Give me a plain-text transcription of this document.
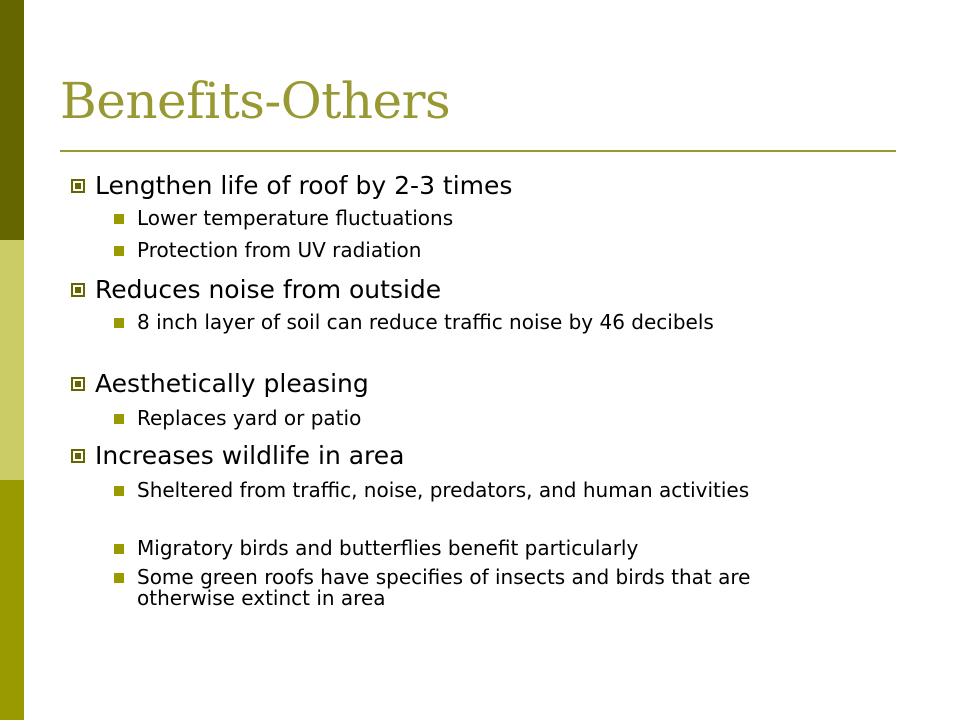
Benefits-Others
Lengthen life of roof by 2-3 times
Lower temperature fluctuations
Protection from UV radiation
Reduces noise from outside
8 inch layer of soil can reduce traffic noise by 46 decibels
Aesthetically pleasing
Replaces yard or patio
Increases wildlife in area
Sheltered from traffic, noise, predators, and human activities
Migratory birds and butterflies benefit particularly
Some green roofs have specifies of insects and birds that are otherwise extinct in area
